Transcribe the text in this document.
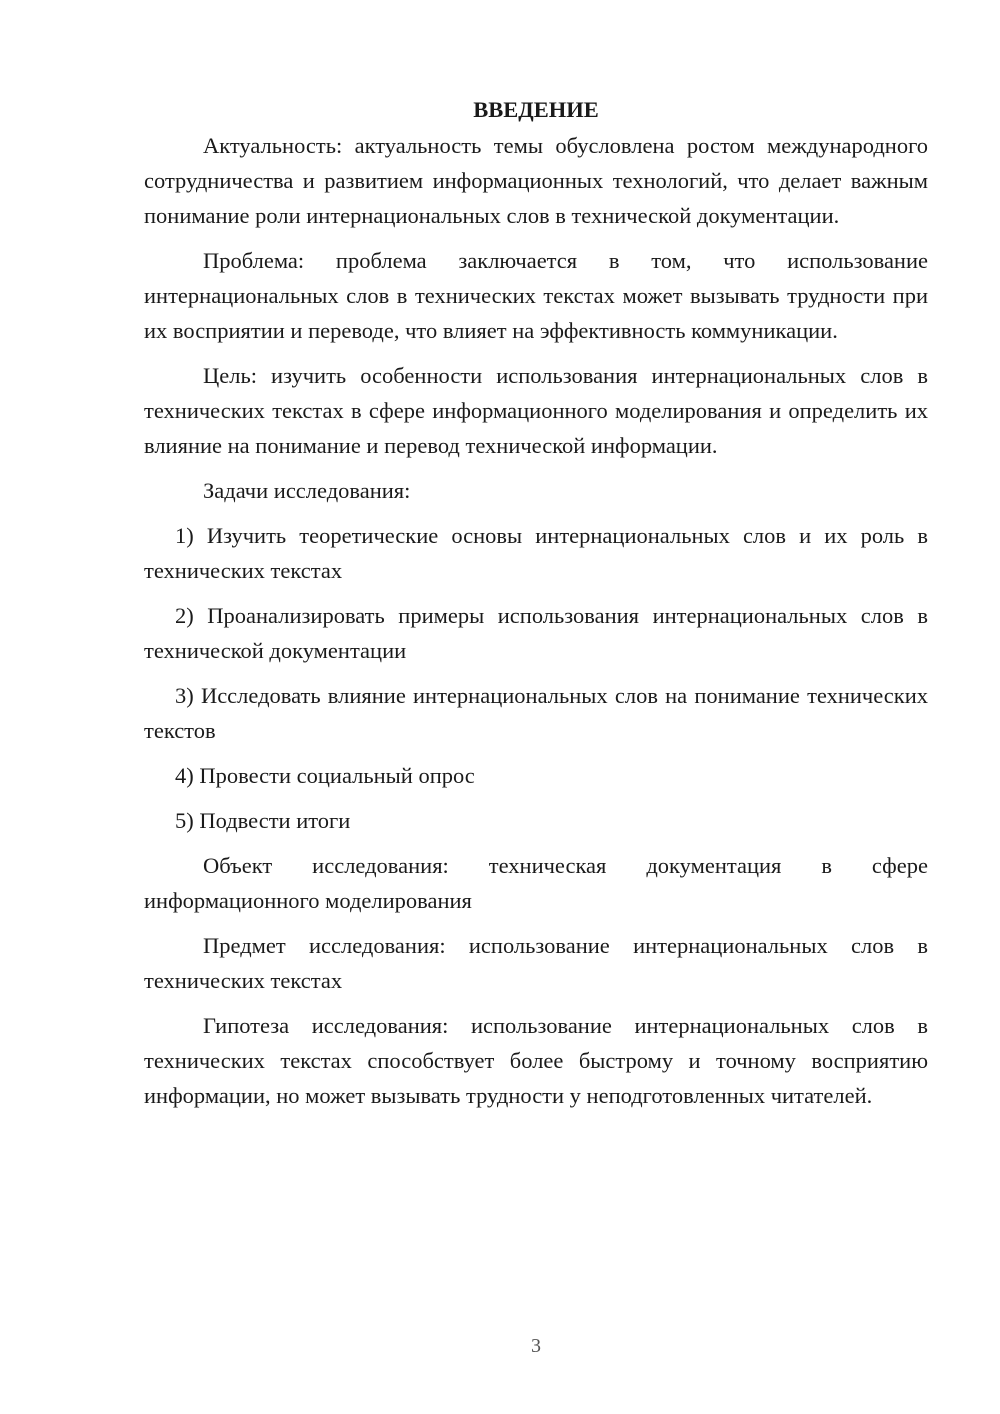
ВВЕДЕНИЕ

Актуальность: актуальность темы обусловлена ростом международного сотрудничества и развитием информационных технологий, что делает важным понимание роли интернациональных слов в технической документации.

Проблема: проблема заключается в том, что использование интернациональных слов в технических текстах может вызывать трудности при их восприятии и переводе, что влияет на эффективность коммуникации.

Цель: изучить особенности использования интернациональных слов в технических текстах в сфере информационного моделирования и определить их влияние на понимание и перевод технической информации.

Задачи исследования:

1) Изучить теоретические основы интернациональных слов и их роль в технических текстах

2) Проанализировать примеры использования интернациональных слов в технической документации

3) Исследовать влияние интернациональных слов на понимание технических текстов

4) Провести социальный опрос

5) Подвести итоги

Объект исследования: техническая документация в сфере информационного моделирования

Предмет исследования: использование интернациональных слов в технических текстах

Гипотеза исследования: использование интернациональных слов в технических текстах способствует более быстрому и точному восприятию информации, но может вызывать трудности у неподготовленных читателей.

3
